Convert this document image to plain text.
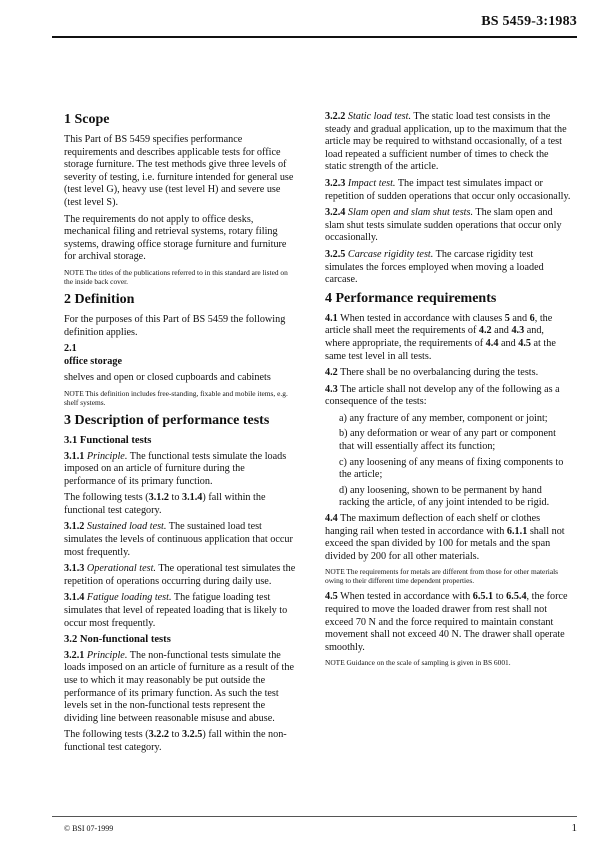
BS 5459-3:1983
1 Scope

This Part of BS 5459 specifies performance requirements and describes applicable tests for office storage furniture. The test methods give three levels of severity of testing, i.e. furniture intended for general use (test level G), heavy use (test level H) and severe use (test level S).

The requirements do not apply to office desks, mechanical filing and retrieval systems, rotary filing systems, drawing office storage furniture and furniture for archival storage.

NOTE The titles of the publications referred to in this standard are listed on the inside back cover.

2 Definition

For the purposes of this Part of BS 5459 the following definition applies.

2.1

office storage

shelves and open or closed cupboards and cabinets

NOTE This definition includes free-standing, fixable and mobile items, e.g. shelf systems.

3 Description of performance tests
3.1 Functional tests

3.1.1 Principle. The functional tests simulate the loads imposed on an article of furniture during the performance of its primary function.

The following tests (3.1.2 to 3.1.4) fall within the functional test category.

3.1.2 Sustained load test. The sustained load test simulates the levels of continuous application that occur most frequently.

3.1.3 Operational test. The operational test simulates the repetition of operations occurring during daily use.

3.1.4 Fatigue loading test. The fatigue loading test simulates that level of repeated loading that is likely to occur most frequently.

3.2 Non-functional tests

3.2.1 Principle. The non-functional tests simulate the loads imposed on an article of furniture as a result of the use to which it may reasonably be put outside the performance of its primary function. As such the test levels set in the non-functional tests represent the dividing line between reasonable misuse and abuse.

The following tests (3.2.2 to 3.2.5) fall within the non-functional test category.

3.2.2 Static load test. The static load test consists in the steady and gradual application, up to the maximum that the article may be required to withstand occasionally, of a test load repeated a sufficient number of times to check the static strength of the article.

3.2.3 Impact test. The impact test simulates impact or repetition of sudden operations that occur only occasionally.

3.2.4 Slam open and slam shut tests. The slam open and slam shut tests simulate sudden operations that occur only occasionally.

3.2.5 Carcase rigidity test. The carcase rigidity test simulates the forces employed when moving a loaded carcase.

4 Performance requirements

4.1 When tested in accordance with clauses 5 and 6, the article shall meet the requirements of 4.2 and 4.3 and, where appropriate, the requirements of 4.4 and 4.5 at the same test level in all tests.

4.2 There shall be no overbalancing during the tests.

4.3 The article shall not develop any of the following as a consequence of the tests:

a) any fracture of any member, component or joint;

b) any deformation or wear of any part or component that will essentially affect its function;

c) any loosening of any means of fixing components to the article;

d) any loosening, shown to be permanent by hand racking the article, of any joint intended to be rigid.

4.4 The maximum deflection of each shelf or clothes hanging rail when tested in accordance with 6.1.1 shall not exceed the span divided by 100 for metals and the span divided by 200 for all other materials.

NOTE The requirements for metals are different from those for other materials owing to their different time dependent properties.

4.5 When tested in accordance with 6.5.1 to 6.5.4, the force required to move the loaded drawer from rest shall not exceed 70 N and the force required to maintain constant movement shall not exceed 40 N. The drawer shall operate smoothly.

NOTE Guidance on the scale of sampling is given in BS 6001.

© BSI 07-1999	1
